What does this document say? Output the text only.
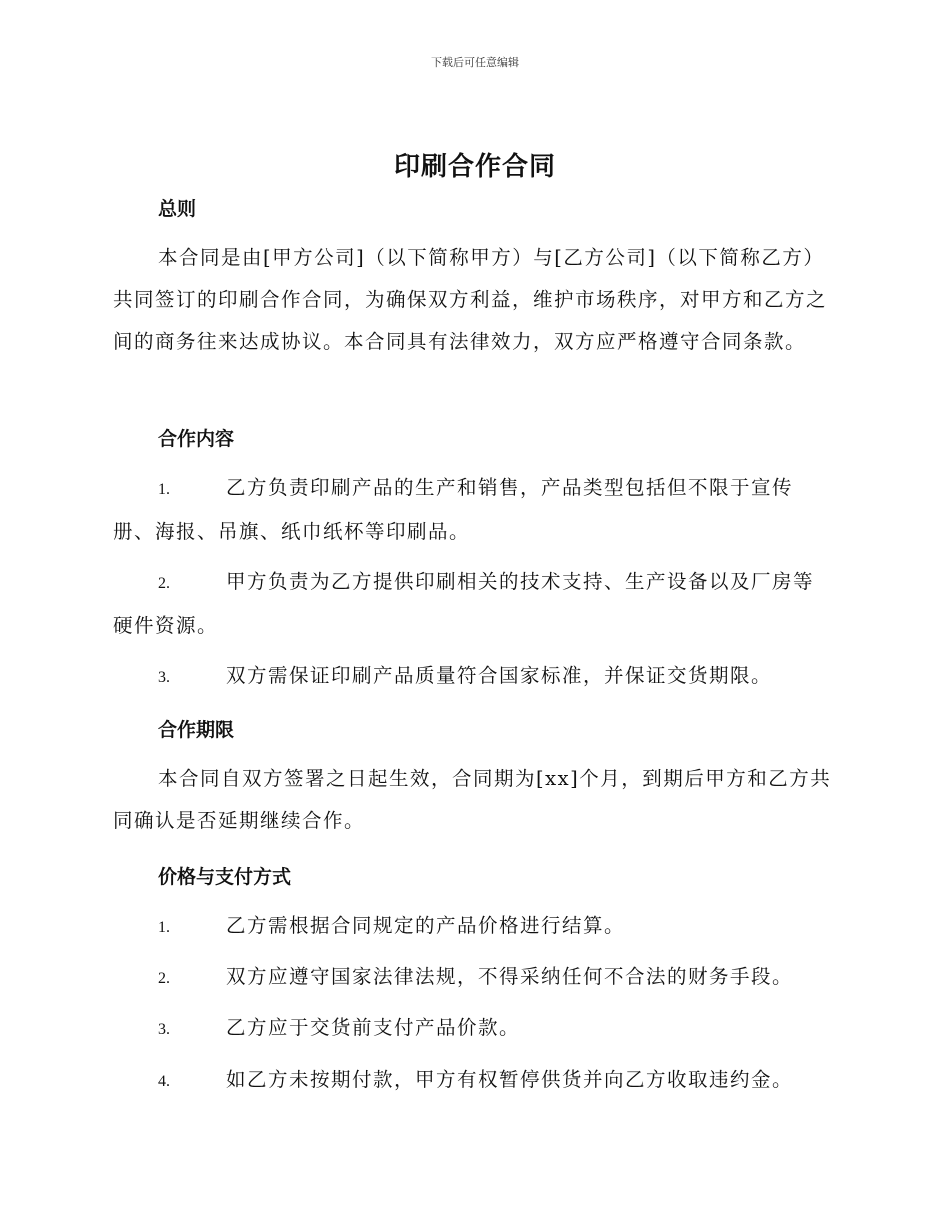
下载后可任意编辑
印刷合作合同
总则

本合同是由[甲方公司]（以下简称甲方）与[乙方公司]（以下简称乙方）共同签订的印刷合作合同，为确保双方利益，维护市场秩序，对甲方和乙方之间的商务往来达成协议。本合同具有法律效力，双方应严格遵守合同条款。

合作内容

1.	乙方负责印刷产品的生产和销售，产品类型包括但不限于宣传册、海报、吊旗、纸巾纸杯等印刷品。

2.	甲方负责为乙方提供印刷相关的技术支持、生产设备以及厂房等硬件资源。

3.	双方需保证印刷产品质量符合国家标准，并保证交货期限。

合作期限

本合同自双方签署之日起生效，合同期为[xx]个月，到期后甲方和乙方共同确认是否延期继续合作。

价格与支付方式

1.	乙方需根据合同规定的产品价格进行结算。

2.	双方应遵守国家法律法规，不得采纳任何不合法的财务手段。

3.	乙方应于交货前支付产品价款。

4.	如乙方未按期付款，甲方有权暂停供货并向乙方收取违约金。
